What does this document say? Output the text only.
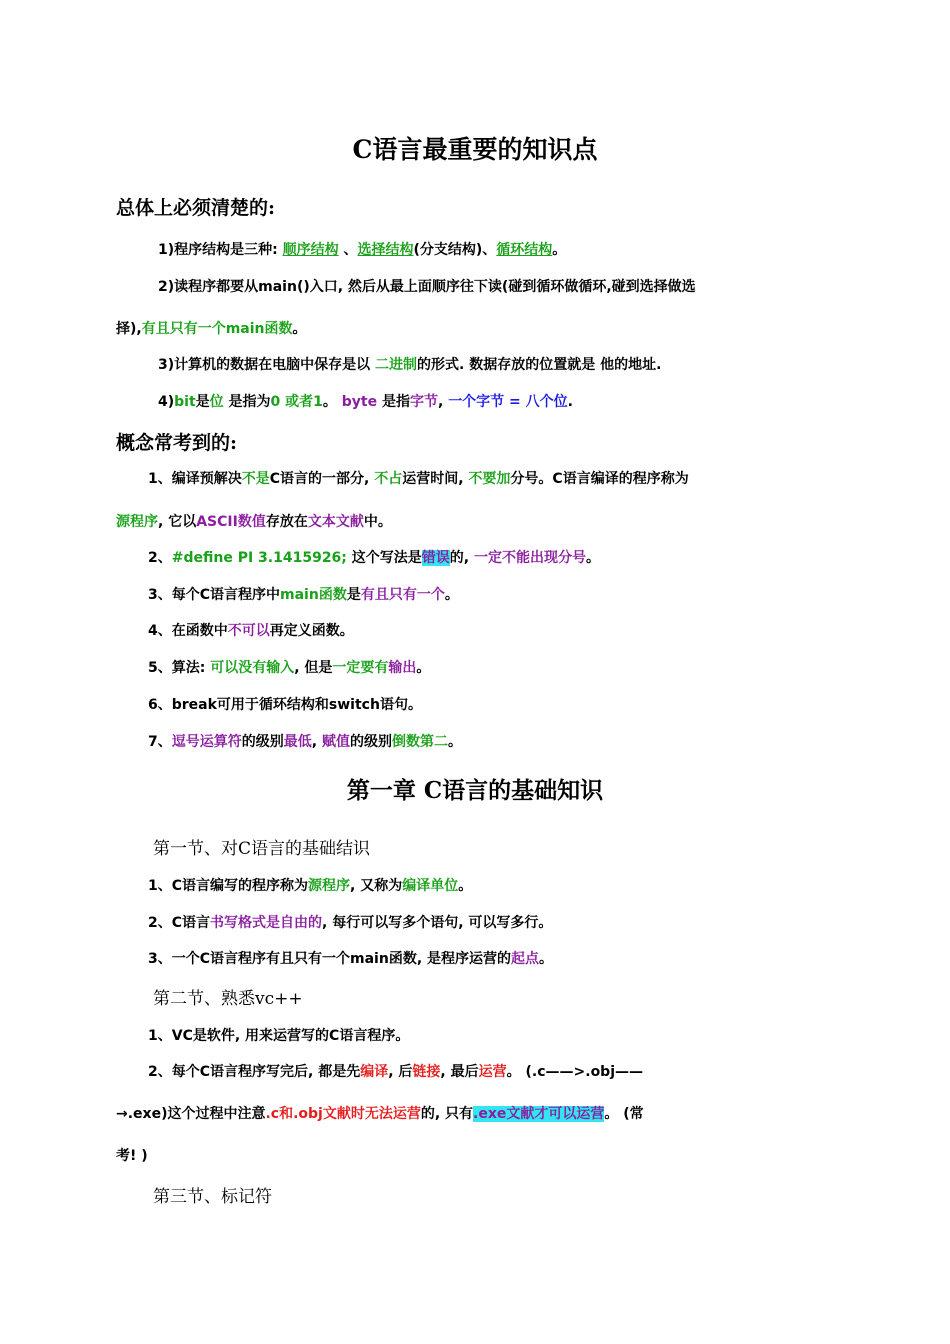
C语言最重要的知识点
总体上必须清楚的:
1)程序结构是三种: 顺序结构 、选择结构(分支结构)、循环结构。
2)读程序都要从main()入口, 然后从最上面顺序往下读(碰到循环做循环,碰到选择做选
择),有且只有一个main函数。
3)计算机的数据在电脑中保存是以 二进制的形式. 数据存放的位置就是 他的地址.
4)bit是位 是指为0 或者1。 byte 是指字节, 一个字节 = 八个位.
概念常考到的:
1、编译预解决不是C语言的一部分, 不占运营时间, 不要加分号。C语言编译的程序称为
源程序, 它以ASCII数值存放在文本文献中。
2、#define PI 3.1415926; 这个写法是错误的, 一定不能出现分号。
3、每个C语言程序中main函数是有且只有一个。
4、在函数中不可以再定义函数。
5、算法: 可以没有输入, 但是一定要有输出。
6、break可用于循环结构和switch语句。
7、逗号运算符的级别最低, 赋值的级别倒数第二。
第一章 C语言的基础知识
第一节、对C语言的基础结识
1、C语言编写的程序称为源程序, 又称为编译单位。
2、C语言书写格式是自由的, 每行可以写多个语句, 可以写多行。
3、一个C语言程序有且只有一个main函数, 是程序运营的起点。
第二节、熟悉vc++
1、VC是软件, 用来运营写的C语言程序。
2、每个C语言程序写完后, 都是先编译, 后链接, 最后运营。 (.c——>.obj——
→.exe)这个过程中注意.c和.obj文献时无法运营的, 只有.exe文献才可以运营。 (常
考! )
第三节、标记符
